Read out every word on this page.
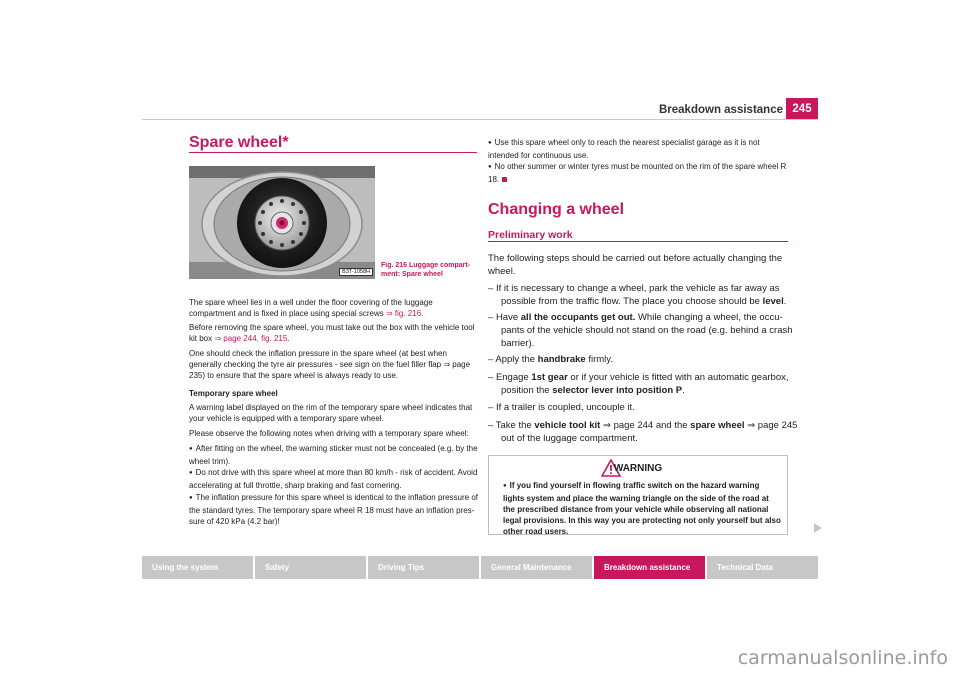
Breakdown assistance 245
Spare wheel*
B3T-1058H
Fig. 216 Luggage compart-ment: Spare wheel
The spare wheel lies in a well under the floor covering of the luggage compartment and is fixed in place using special screws ⇒ fig. 216.
Before removing the spare wheel, you must take out the box with the vehicle tool kit box ⇒ page 244, fig. 215.
One should check the inflation pressure in the spare wheel (at best when generally checking the tyre air pressures - see sign on the fuel filler flap ⇒ page 235) to ensure that the spare wheel is always ready to use.
Temporary spare wheel
A warning label displayed on the rim of the temporary spare wheel indicates that your vehicle is equipped with a temporary spare wheel.
Please observe the following notes when driving with a temporary spare wheel:
● After fitting on the wheel, the warning sticker must not be concealed (e.g. by the wheel trim).
● Do not drive with this spare wheel at more than 80 km/h - risk of accident. Avoid accelerating at full throttle, sharp braking and fast cornering.
● The inflation pressure for this spare wheel is identical to the inflation pressure of the standard tyres. The temporary spare wheel R 18 must have an inflation pres-sure of 420 kPa (4.2 bar)!
● Use this spare wheel only to reach the nearest specialist garage as it is not intended for continuous use.
● No other summer or winter tyres must be mounted on the rim of the spare wheel R 18.
Changing a wheel
Preliminary work
The following steps should be carried out before actually changing the wheel.
– If it is necessary to change a wheel, park the vehicle as far away as possible from the traffic flow. The place you choose should be level.
– Have all the occupants get out. While changing a wheel, the occu-pants of the vehicle should not stand on the road (e.g. behind a crash barrier).
– Apply the handbrake firmly.
– Engage 1st gear or if your vehicle is fitted with an automatic gearbox, position the selector lever into position P.
– If a trailer is coupled, uncouple it.
– Take the vehicle tool kit ⇒ page 244 and the spare wheel ⇒ page 245 out of the luggage compartment.
WARNING
● If you find yourself in flowing traffic switch on the hazard warning lights system and place the warning triangle on the side of the road at the prescribed distance from your vehicle while observing all national legal provisions. In this way you are protecting not only yourself but also other road users.
Using the system	Safety	Driving Tips	General Maintenance	Breakdown assistance	Technical Data
carmanualsonline.info
